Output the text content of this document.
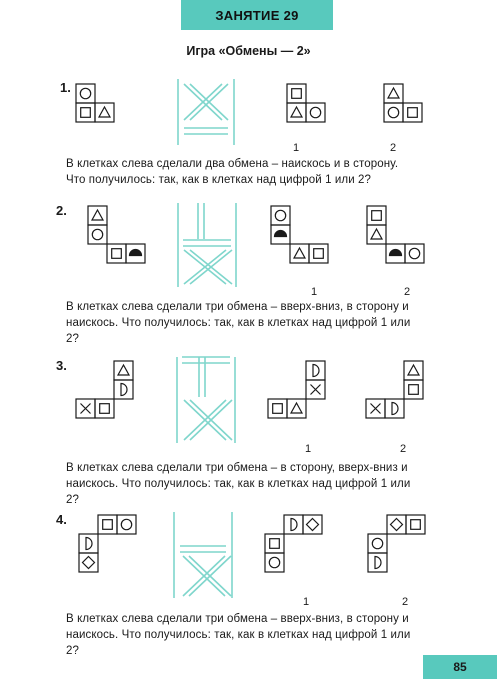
ЗАНЯТИЕ 29
Игра «Обмены — 2»
1.
2.
3.
4.
В клетках слева сделали два обмена – наискось и в сторону.
Что получилось: так, как в клетках над цифрой 1 или 2?
В клетках слева сделали три обмена – вверх-вниз, в сторону и
наискось. Что получилось: так, как в клетках над цифрой 1 или
2?
В клетках слева сделали три обмена – в сторону, вверх-вниз и
наискось. Что получилось: так, как в клетках над цифрой 1 или
2?
В клетках слева сделали три обмена – вверх-вниз, в сторону и
наискось. Что получилось: так, как в клетках над цифрой 1 или
2?
85
1	2
1	2
1	2
1	2
